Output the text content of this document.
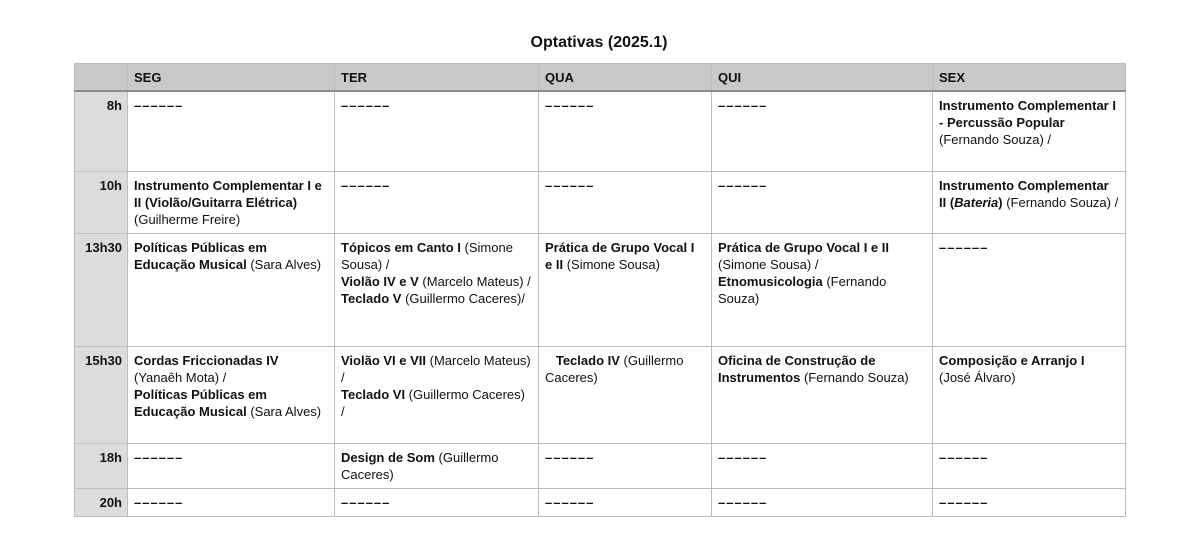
Optativas (2025.1)
	SEG	TER	QUA	QUI	SEX
8h	––––––	––––––	––––––	––––––	Instrumento Complementar I - Percussão Popular (Fernando Souza) /
10h	Instrumento Complementar I e II (Violão/Guitarra Elétrica) (Guilherme Freire)	––––––	––––––	––––––	Instrumento Complementar II (Bateria) (Fernando Souza) /
13h30	Políticas Públicas em Educação Musical (Sara Alves)	Tópicos em Canto I (Simone Sousa) /
Violão IV e V (Marcelo Mateus) /
Teclado V (Guillermo Caceres)/	Prática de Grupo Vocal I e II (Simone Sousa)	Prática de Grupo Vocal I e II (Simone Sousa) /
Etnomusicologia (Fernando Souza)	––––––
15h30	Cordas Friccionadas IV (Yanaêh Mota) /
Políticas Públicas em Educação Musical (Sara Alves)	Violão VI e VII (Marcelo Mateus) /
Teclado VI (Guillermo Caceres) /	Teclado IV (Guillermo Caceres)	Oficina de Construção de Instrumentos (Fernando Souza)	Composição e Arranjo I (José Álvaro)
18h	––––––	Design de Som (Guillermo Caceres)	––––––	––––––	––––––
20h	––––––	––––––	––––––	––––––	––––––
